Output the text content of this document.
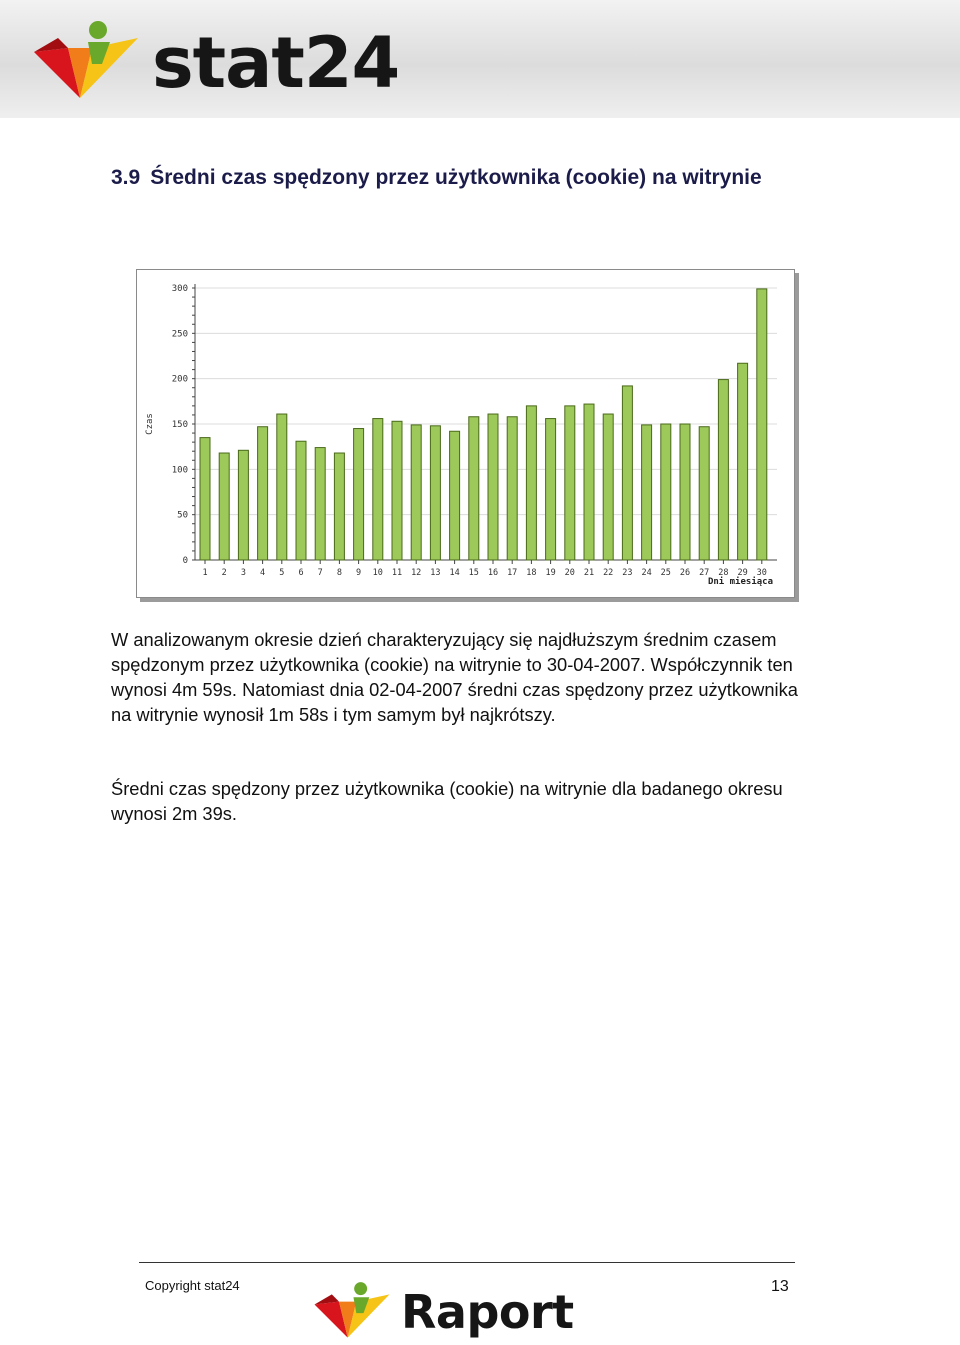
stat24
3.9 Średni czas spędzony przez użytkownika (cookie) na witrynie
0
50
100
150
200
250
300
1 2 3 4 5 6 7 8 9 10 11 12 13 14 15 16 17 18 19 20 21 22 23 24 25 26 27 28 29 30
Czas
Dni miesiąca

W analizowanym okresie dzień charakteryzujący się najdłuższym średnim czasem spędzonym przez użytkownika (cookie) na witrynie to 30-04-2007. Współczynnik ten wynosi 4m 59s. Natomiast dnia 02-04-2007 średni czas spędzony przez użytkownika na witrynie wynosił 1m 58s i tym samym był najkrótszy.

Średni czas spędzony przez użytkownika (cookie) na witrynie dla badanego okresu wynosi 2m 39s.

Copyright stat24	Raport	13
